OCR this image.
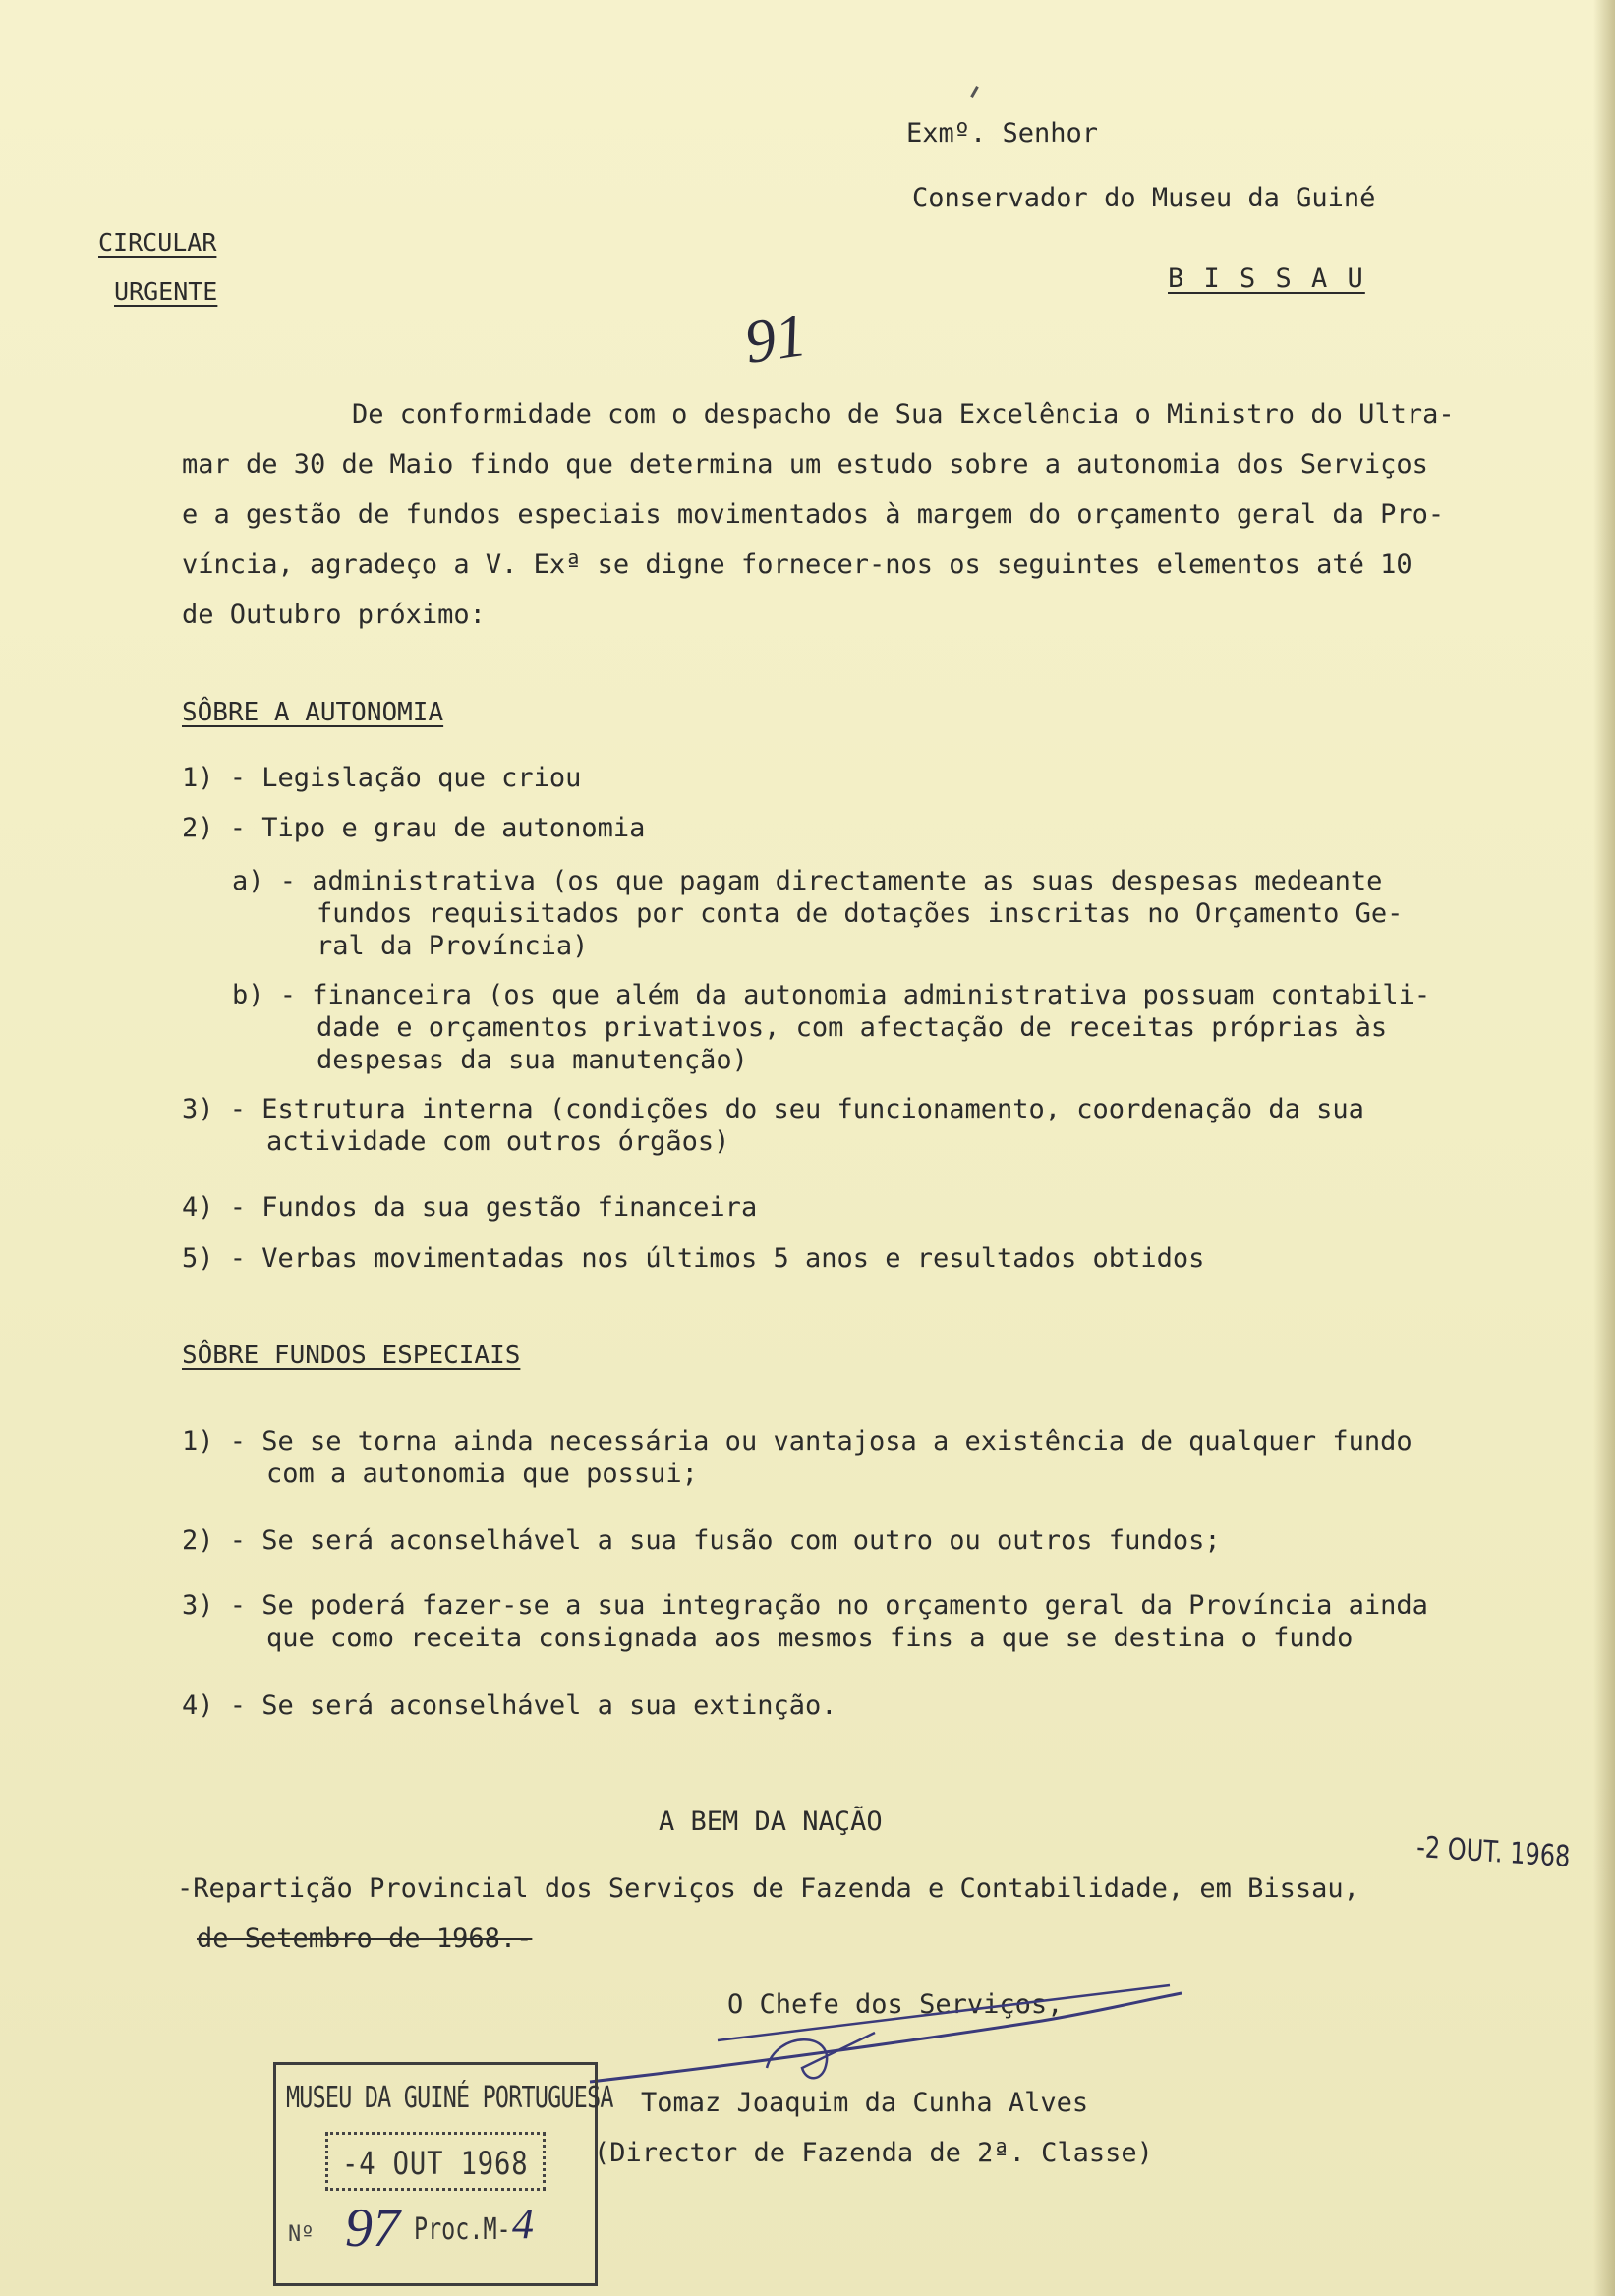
Exmº. Senhor
Conservador do Museu da Guiné
B I S S A U
CIRCULAR
URGENTE
91
De conformidade com o despacho de Sua Excelência o Ministro do Ultra-
mar de 30 de Maio findo que determina um estudo sobre a autonomia dos Serviços
e a gestão de fundos especiais movimentados à margem do orçamento geral da Pro-
víncia, agradeço a V. Exª se digne fornecer-nos os seguintes elementos até 10
de Outubro próximo:
SÔBRE A AUTONOMIA
1) - Legislação que criou
2) - Tipo e grau de autonomia
a) - administrativa (os que pagam directamente as suas despesas medeante
fundos requisitados por conta de dotações inscritas no Orçamento Ge-
ral da Província)
b) - financeira (os que além da autonomia administrativa possuam contabili-
dade e orçamentos privativos, com afectação de receitas próprias às
despesas da sua manutenção)
3) - Estrutura interna (condições do seu funcionamento, coordenação da sua
actividade com outros órgãos)
4) - Fundos da sua gestão financeira
5) - Verbas movimentadas nos últimos 5 anos e resultados obtidos
SÔBRE FUNDOS ESPECIAIS
1) - Se se torna ainda necessária ou vantajosa a existência de qualquer fundo
com a autonomia que possui;
2) - Se será aconselhável a sua fusão com outro ou outros fundos;
3) - Se poderá fazer-se a sua integração no orçamento geral da Província ainda
que como receita consignada aos mesmos fins a que se destina o fundo
4) - Se será aconselhável a sua extinção.
A BEM DA NAÇÃO
-2 OUT. 1968
-Repartição Provincial dos Serviços de Fazenda e Contabilidade, em Bissau,
de Setembro de 1968.-
O Chefe dos Serviços,
Tomaz Joaquim da Cunha Alves
(Director de Fazenda de 2ª. Classe)
MUSEU DA GUINÉ PORTUGUESA
-4 OUT 1968
Nº 97 Proc.M- 4
